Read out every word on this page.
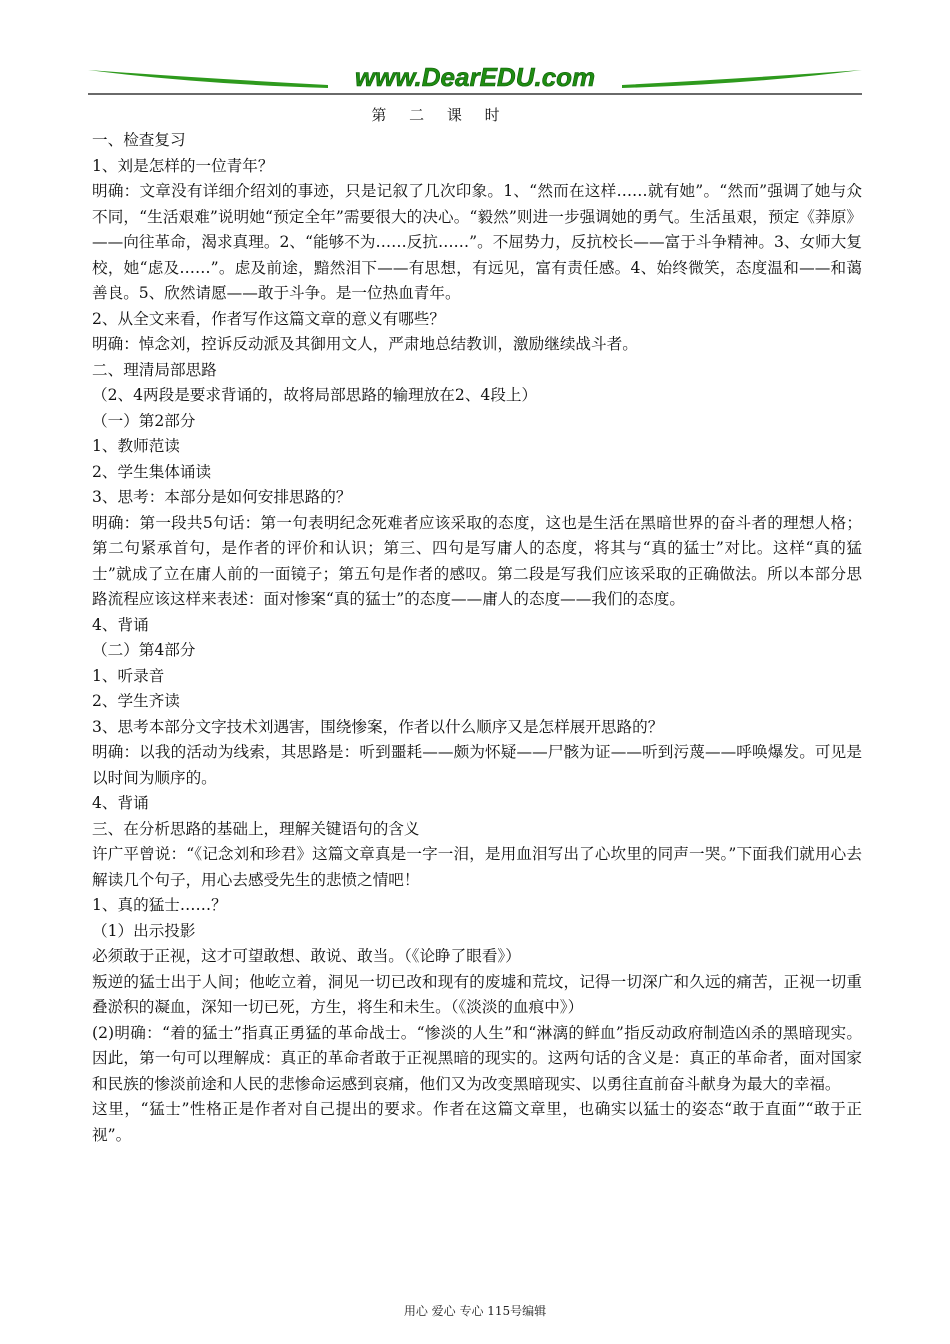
www.DearEDU.com
第 二 课 时

一、检查复习

1、刘是怎样的一位青年？

明确：文章没有详细介绍刘的事迹，只是记叙了几次印象。1、“然而在这样……就有她”。“然而”强调了她与众不同，“生活艰难”说明她“预定全年”需要很大的决心。“毅然”则进一步强调她的勇气。生活虽艰，预定《莽原》——向往革命，渴求真理。2、“能够不为……反抗……”。不屈势力，反抗校长——富于斗争精神。3、女师大复校，她“虑及……”。虑及前途，黯然泪下——有思想，有远见，富有责任感。4、始终微笑，态度温和——和蔼善良。5、欣然请愿——敢于斗争。是一位热血青年。

2、从全文来看，作者写作这篇文章的意义有哪些？

明确：悼念刘，控诉反动派及其御用文人，严肃地总结教训，激励继续战斗者。

二、理清局部思路

（2、4两段是要求背诵的，故将局部思路的输理放在2、4段上）

（一）第2部分

1、教师范读

2、学生集体诵读

3、思考：本部分是如何安排思路的？

明确：第一段共5句话：第一句表明纪念死难者应该采取的态度，这也是生活在黑暗世界的奋斗者的理想人格；第二句紧承首句，是作者的评价和认识；第三、四句是写庸人的态度，将其与“真的猛士”对比。这样“真的猛士”就成了立在庸人前的一面镜子；第五句是作者的感叹。第二段是写我们应该采取的正确做法。所以本部分思路流程应该这样来表述：面对惨案“真的猛士”的态度——庸人的态度——我们的态度。

4、背诵

（二）第4部分

1、听录音

2、学生齐读

3、思考本部分文字技术刘遇害，围绕惨案，作者以什么顺序又是怎样展开思路的？

明确：以我的活动为线索，其思路是：听到噩耗——颇为怀疑——尸骸为证——听到污蔑——呼唤爆发。可见是以时间为顺序的。

4、背诵

三、在分析思路的基础上，理解关键语句的含义

许广平曾说：“《记念刘和珍君》这篇文章真是一字一泪，是用血泪写出了心坎里的同声一哭。”下面我们就用心去解读几个句子，用心去感受先生的悲愤之情吧！

1、真的猛士……？

（1）出示投影

必须敢于正视，这才可望敢想、敢说、敢当。（《论睁了眼看》）

叛逆的猛士出于人间；他屹立着，洞见一切已改和现有的废墟和荒坟，记得一切深广和久远的痛苦，正视一切重叠淤积的凝血，深知一切已死，方生，将生和未生。（《淡淡的血痕中》）

(2)明确：“着的猛士”指真正勇猛的革命战士。“惨淡的人生”和“淋漓的鲜血”指反动政府制造凶杀的黑暗现实。因此，第一句可以理解成：真正的革命者敢于正视黑暗的现实的。这两句话的含义是：真正的革命者，面对国家和民族的惨淡前途和人民的悲惨命运感到哀痛，他们又为改变黑暗现实、以勇往直前奋斗献身为最大的幸福。

这里，“猛士”性格正是作者对自己提出的要求。作者在这篇文章里，也确实以猛士的姿态“敢于直面”“敢于正视”。

用心 爱心 专心 115号编辑
